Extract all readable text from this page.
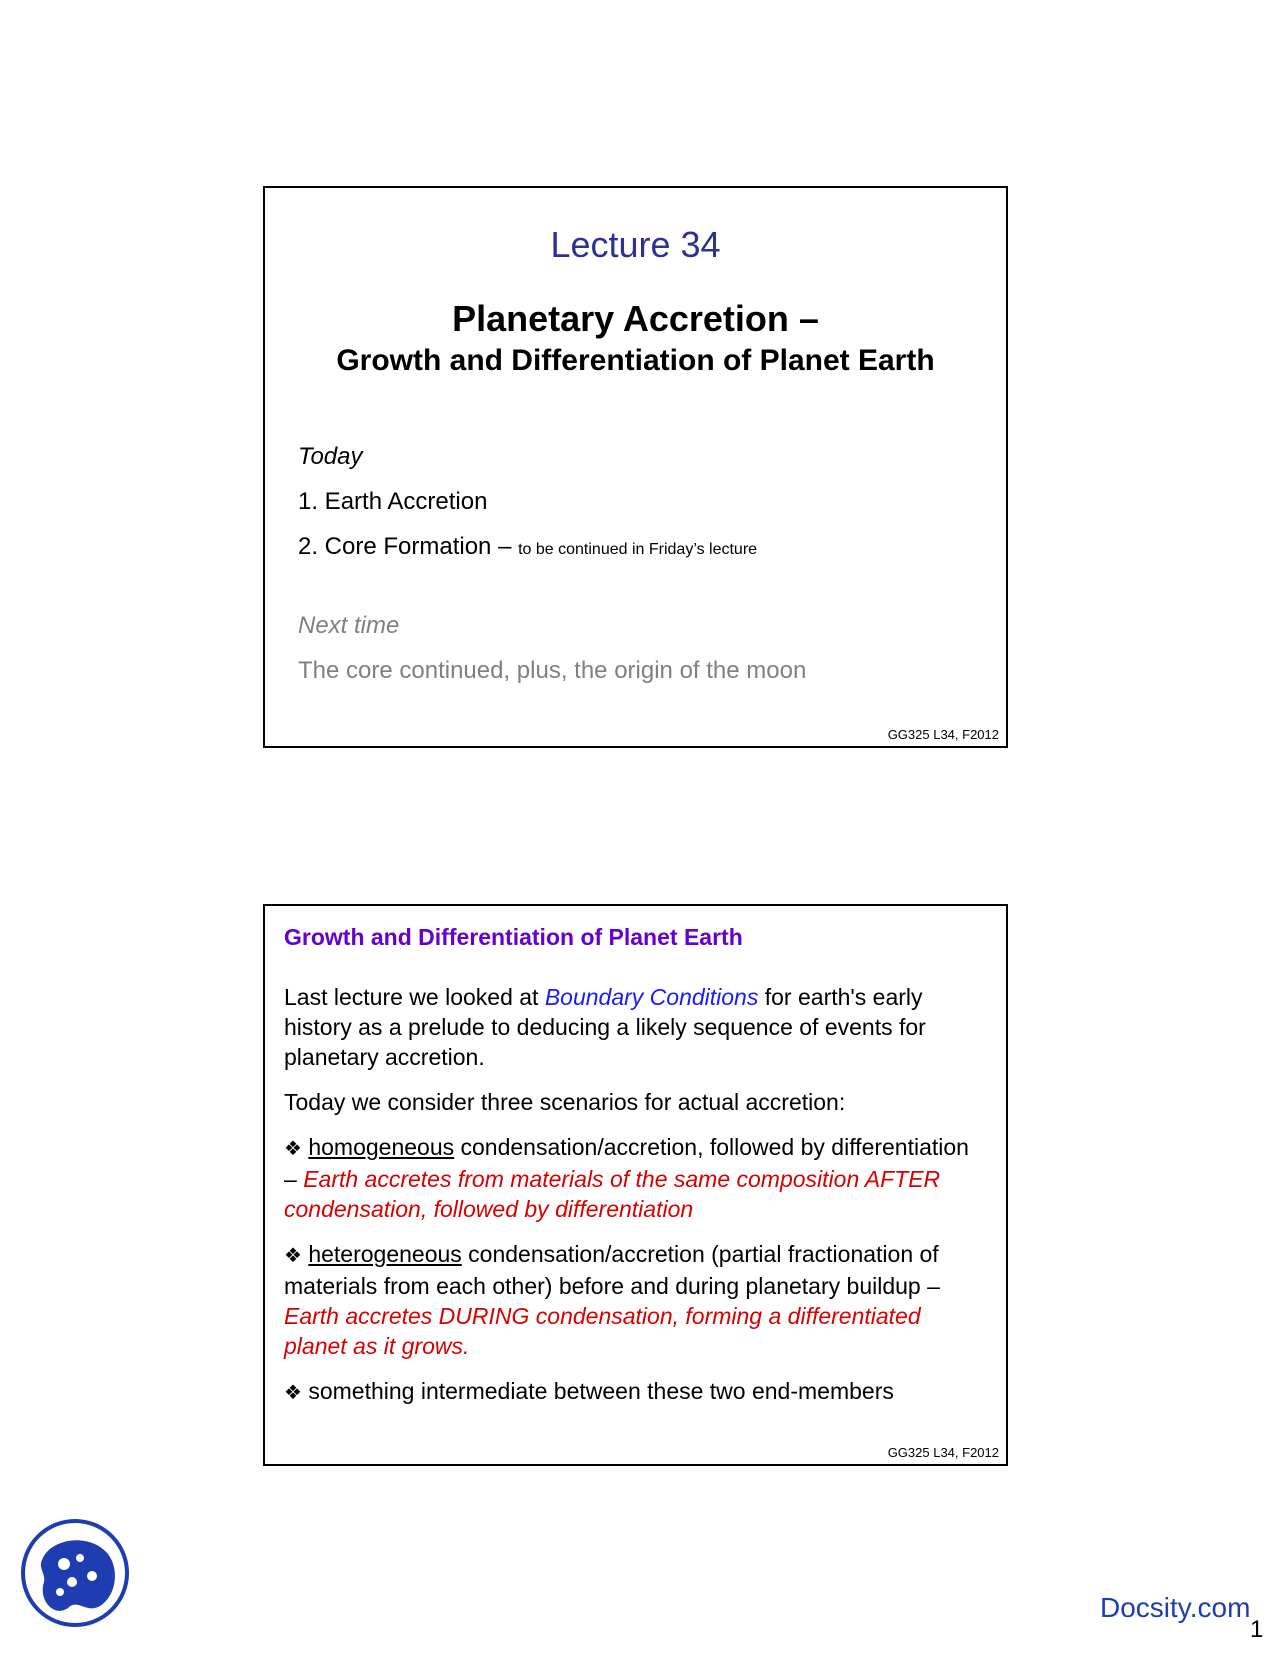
Lecture 34
Planetary Accretion –
Growth and Differentiation of Planet Earth
Today
1. Earth Accretion
2. Core Formation – to be continued in Friday’s lecture
Next time
The core continued, plus, the origin of the moon
GG325 L34, F2012
Growth and Differentiation of Planet Earth

Last lecture we looked at Boundary Conditions for earth's early history as a prelude to deducing a likely sequence of events for planetary accretion.

Today we consider three scenarios for actual accretion:

❖ homogeneous condensation/accretion, followed by differentiation – Earth accretes from materials of the same composition AFTER condensation, followed by differentiation

❖ heterogeneous condensation/accretion (partial fractionation of materials from each other) before and during planetary buildup – Earth accretes DURING condensation, forming a differentiated planet as it grows.

❖ something intermediate between these two end-members

GG325 L34, F2012
Docsity.com
1
